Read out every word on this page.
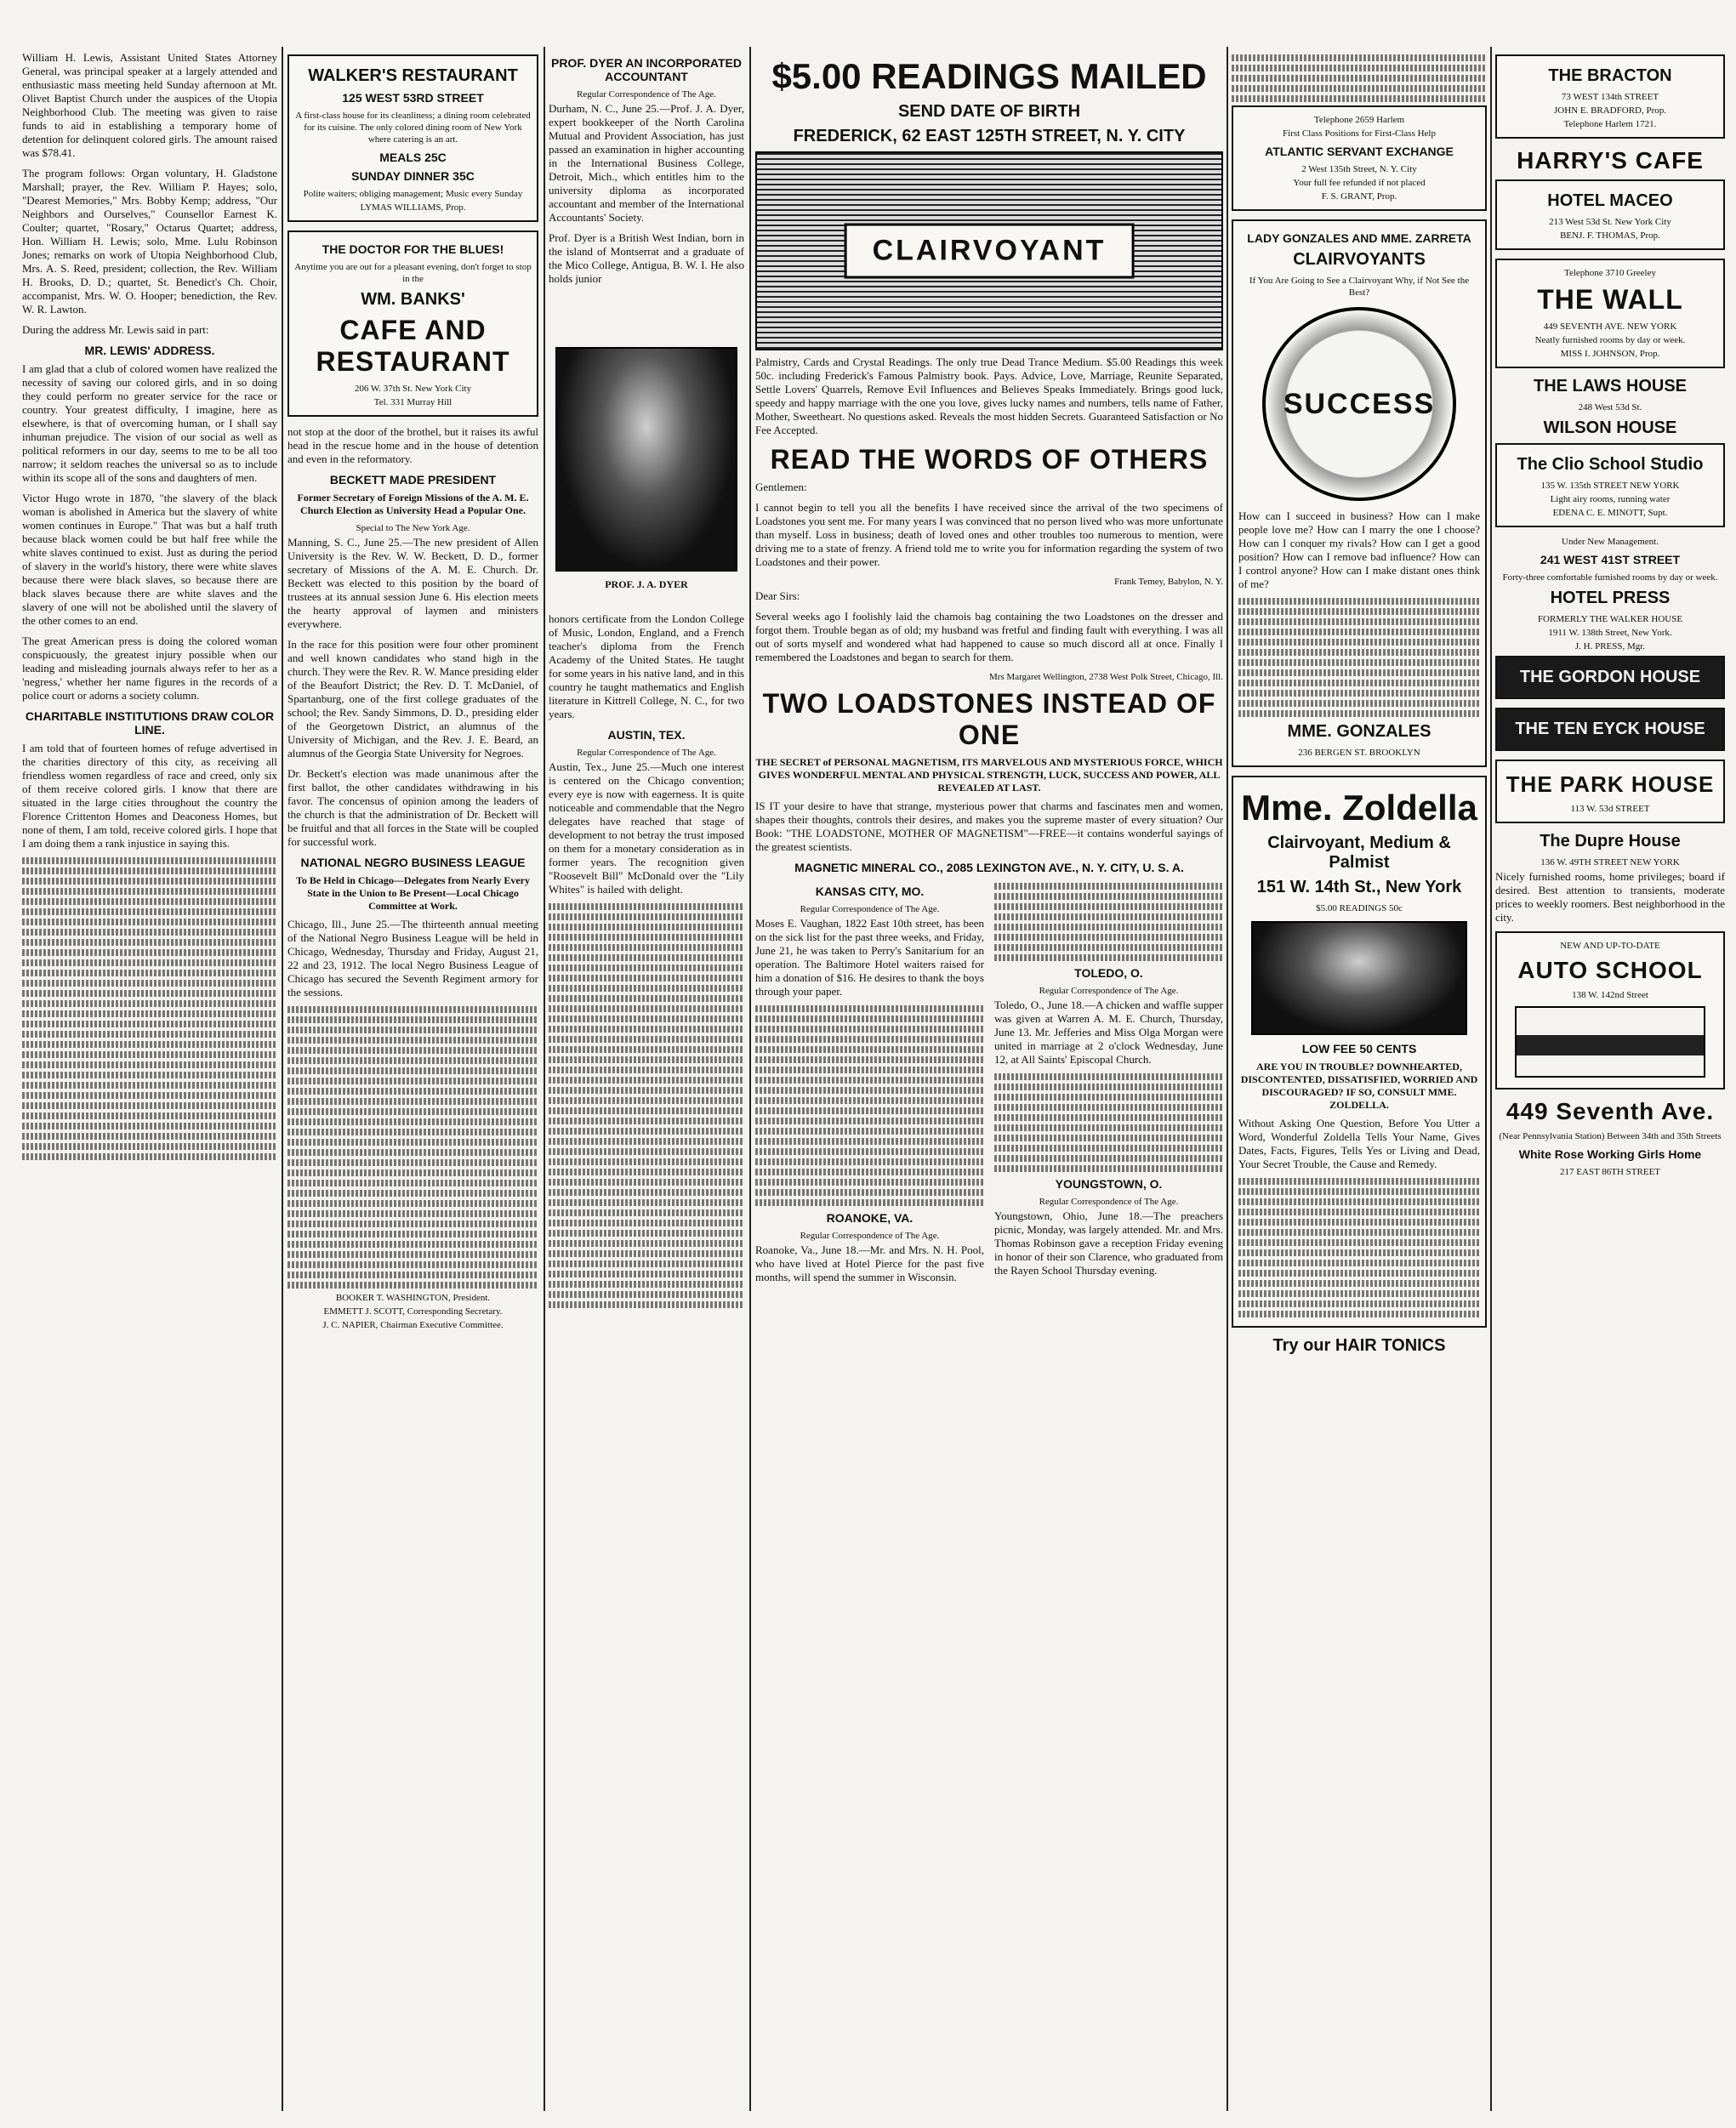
William H. Lewis, Assistant United States Attorney General, was principal speaker at a largely attended and enthusiastic mass meeting held Sunday afternoon at Mt. Olivet Baptist Church under the auspices of the Utopia Neighborhood Club. The meeting was given to raise funds to aid in establishing a temporary home of detention for delinquent colored girls. The amount raised was $78.41.

The program follows: Organ voluntary, H. Gladstone Marshall; prayer, the Rev. William P. Hayes; solo, "Dearest Memories," Mrs. Bobby Kemp; address, "Our Neighbors and Ourselves," Counsellor Earnest K. Coulter; quartet, "Rosary," Octarus Quartet; address, Hon. William H. Lewis; solo, Mme. Lulu Robinson Jones; remarks on work of Utopia Neighborhood Club, Mrs. A. S. Reed, president; collection, the Rev. William H. Brooks, D. D.; quartet, St. Benedict's Ch. Choir, accompanist, Mrs. W. O. Hooper; benediction, the Rev. W. R. Lawton.

During the address Mr. Lewis said in part:

MR. LEWIS' ADDRESS.

I am glad that a club of colored women have realized the necessity of saving our colored girls, and in so doing they could perform no greater service for the race or country. Your greatest difficulty, I imagine, here as elsewhere, is that of overcoming human, or I shall say inhuman prejudice. The vision of our social as well as political reformers in our day, seems to me to be all too narrow; it seldom reaches the universal so as to include within its scope all of the sons and daughters of men.

Victor Hugo wrote in 1870, "the slavery of the black woman is abolished in America but the slavery of white women continues in Europe." That was but a half truth because black women could be but half free while the white slaves continued to exist. Just as during the period of slavery in the world's history, there were white slaves because there were black slaves, so because there are black slaves because there are white slaves and the slavery of one will not be abolished until the slavery of the other comes to an end.

The great American press is doing the colored woman conspicuously, the greatest injury possible when our leading and misleading journals always refer to her as a 'negress,' whether her name figures in the records of a police court or adorns a society column.

CHARITABLE INSTITUTIONS DRAW COLOR LINE.

I am told that of fourteen homes of refuge advertised in the charities directory of this city, as receiving all friendless women regardless of race and creed, only six of them receive colored girls. I know that there are situated in the large cities throughout the country the Florence Crittenton Homes and Deaconess Homes, but none of them, I am told, receive colored girls. I hope that I am doing them a rank injustice in saying this.

WALKER'S RESTAURANT
125 WEST 53RD STREET
A first-class house for its cleanliness; a dining room celebrated for its cuisine. The only colored dining room of New York where catering is an art.
MEALS 25C
SUNDAY DINNER 35C
Polite waiters; obliging management; Music every Sunday
LYMAS WILLIAMS, Prop.
THE DOCTOR FOR THE BLUES!
Anytime you are out for a pleasant evening, don't forget to stop in the
WM. BANKS'
CAFE AND RESTAURANT
206 W. 37th St. New York City
Tel. 331 Murray Hill

not stop at the door of the brothel, but it raises its awful head in the rescue home and in the house of detention and even in the reformatory.

BECKETT MADE PRESIDENT
Former Secretary of Foreign Missions of the A. M. E. Church Election as University Head a Popular One.
Special to The New York Age.

Manning, S. C., June 25.—The new president of Allen University is the Rev. W. W. Beckett, D. D., former secretary of Missions of the A. M. E. Church. Dr. Beckett was elected to this position by the board of trustees at its annual session June 6. His election meets the hearty approval of laymen and ministers everywhere.

In the race for this position were four other prominent and well known candidates who stand high in the church. They were the Rev. R. W. Mance presiding elder of the Beaufort District; the Rev. D. T. McDaniel, of Spartanburg, one of the first college graduates of the school; the Rev. Sandy Simmons, D. D., presiding elder of the Georgetown District, an alumnus of the University of Michigan, and the Rev. J. E. Beard, an alumnus of the Georgia State University for Negroes.

Dr. Beckett's election was made unanimous after the first ballot, the other candidates withdrawing in his favor. The concensus of opinion among the leaders of the church is that the administration of Dr. Beckett will be fruitful and that all forces in the State will be coupled for successful work.

NATIONAL NEGRO BUSINESS LEAGUE
To Be Held in Chicago—Delegates from Nearly Every State in the Union to Be Present—Local Chicago Committee at Work.

Chicago, Ill., June 25.—The thirteenth annual meeting of the National Negro Business League will be held in Chicago, Wednesday, Thursday and Friday, August 21, 22 and 23, 1912. The local Negro Business League of Chicago has secured the Seventh Regiment armory for the sessions.

BOOKER T. WASHINGTON, President.
EMMETT J. SCOTT, Corresponding Secretary.
J. C. NAPIER, Chairman Executive Committee.
PROF. DYER AN INCORPORATED ACCOUNTANT
Regular Correspondence of The Age.

Durham, N. C., June 25.—Prof. J. A. Dyer, expert bookkeeper of the North Carolina Mutual and Provident Association, has just passed an examination in higher accounting in the International Business College, Detroit, Mich., which entitles him to the university diploma as incorporated accountant and member of the International Accountants' Society.

Prof. Dyer is a British West Indian, born in the island of Montserrat and a graduate of the Mico College, Antigua, B. W. I. He also holds junior

PROF. J. A. DYER

honors certificate from the London College of Music, London, England, and a French teacher's diploma from the French Academy of the United States. He taught for some years in his native land, and in this country he taught mathematics and English literature in Kittrell College, N. C., for two years.

AUSTIN, TEX.
Regular Correspondence of The Age.

Austin, Tex., June 25.—Much one interest is centered on the Chicago convention; every eye is now with eagerness. It is quite noticeable and commendable that the Negro delegates have reached that stage of development to not betray the trust imposed on them for a monetary consideration as in former years. The recognition given "Roosevelt Bill" McDonald over the "Lily Whites" is hailed with delight.

$5.00 READINGS MAILED
SEND DATE OF BIRTH
FREDERICK, 62 EAST 125TH STREET, N. Y. CITY
CLAIRVOYANT

Palmistry, Cards and Crystal Readings. The only true Dead Trance Medium. $5.00 Readings this week 50c. including Frederick's Famous Palmistry book. Pays. Advice, Love, Marriage, Reunite Separated, Settle Lovers' Quarrels, Remove Evil Influences and Believes Speaks Immediately. Brings good luck, speedy and happy marriage with the one you love, gives lucky names and numbers, tells name of Father, Mother, Sweetheart. No questions asked. Reveals the most hidden Secrets. Guaranteed Satisfaction or No Fee Accepted.

READ THE WORDS OF OTHERS

Gentlemen:

I cannot begin to tell you all the benefits I have received since the arrival of the two specimens of Loadstones you sent me. For many years I was convinced that no person lived who was more unfortunate than myself. Loss in business; death of loved ones and other troubles too numerous to mention, were driving me to a state of frenzy. A friend told me to write you for information regarding the system of two Loadstones and their power.

Frank Temey, Babylon, N. Y.

Dear Sirs:

Several weeks ago I foolishly laid the chamois bag containing the two Loadstones on the dresser and forgot them. Trouble began as of old; my husband was fretful and finding fault with everything. I was all out of sorts myself and wondered what had happened to cause so much discord all at once. Finally I remembered the Loadstones and began to search for them.

Mrs Margaret Wellington, 2738 West Polk Street, Chicago, Ill.
TWO LOADSTONES INSTEAD OF ONE
THE SECRET of PERSONAL MAGNETISM, ITS MARVELOUS AND MYSTERIOUS FORCE, WHICH GIVES WONDERFUL MENTAL AND PHYSICAL STRENGTH, LUCK, SUCCESS AND POWER, ALL REVEALED AT LAST.

IS IT your desire to have that strange, mysterious power that charms and fascinates men and women, shapes their thoughts, controls their desires, and makes you the supreme master of every situation? Our Book: "THE LOADSTONE, MOTHER OF MAGNETISM"—FREE—it contains wonderful sayings of the greatest scientists.

MAGNETIC MINERAL CO., 2085 LEXINGTON AVE., N. Y. CITY, U. S. A.
KANSAS CITY, MO.
Regular Correspondence of The Age.

Moses E. Vaughan, 1822 East 10th street, has been on the sick list for the past three weeks, and Friday, June 21, he was taken to Perry's Sanitarium for an operation. The Baltimore Hotel waiters raised for him a donation of $16. He desires to thank the boys through your paper.

ROANOKE, VA.
Regular Correspondence of The Age.

Roanoke, Va., June 18.—Mr. and Mrs. N. H. Pool, who have lived at Hotel Pierce for the past five months, will spend the summer in Wisconsin.

TOLEDO, O.
Regular Correspondence of The Age.

Toledo, O., June 18.—A chicken and waffle supper was given at Warren A. M. E. Church, Thursday, June 13. Mr. Jefferies and Miss Olga Morgan were united in marriage at 2 o'clock Wednesday, June 12, at All Saints' Episcopal Church.

YOUNGSTOWN, O.
Regular Correspondence of The Age.

Youngstown, Ohio, June 18.—The preachers picnic, Monday, was largely attended. Mr. and Mrs. Thomas Robinson gave a reception Friday evening in honor of their son Clarence, who graduated from the Rayen School Thursday evening.

Telephone 2659 Harlem
First Class Positions for First-Class Help
ATLANTIC SERVANT EXCHANGE
2 West 135th Street, N. Y. City
Your full fee refunded if not placed
F. S. GRANT, Prop.
LADY GONZALES AND MME. ZARRETA
CLAIRVOYANTS
If You Are Going to See a Clairvoyant Why, if Not See the Best?
SUCCESS

How can I succeed in business? How can I make people love me? How can I marry the one I choose? How can I conquer my rivals? How can I get a good position? How can I remove bad influence? How can I control anyone? How can I make distant ones think of me?

MME. GONZALES
236 BERGEN ST. BROOKLYN
Mme. Zoldella
Clairvoyant, Medium & Palmist
151 W. 14th St., New York
$5.00 READINGS 50c
LOW FEE 50 CENTS
ARE YOU IN TROUBLE? DOWNHEARTED, DISCONTENTED, DISSATISFIED, WORRIED AND DISCOURAGED? IF SO, CONSULT MME. ZOLDELLA.

Without Asking One Question, Before You Utter a Word, Wonderful Zoldella Tells Your Name, Gives Dates, Facts, Figures, Tells Yes or Living and Dead, Your Secret Trouble, the Cause and Remedy.

Try our HAIR TONICS
THE BRACTON
73 WEST 134th STREET
JOHN E. BRADFORD, Prop.
Telephone Harlem 1721.
HARRY'S CAFE
HOTEL MACEO
213 West 53d St. New York City
BENJ. F. THOMAS, Prop.
Telephone 3710 Greeley
THE WALL
449 SEVENTH AVE. NEW YORK
Neatly furnished rooms by day or week.
MISS I. JOHNSON, Prop.
THE LAWS HOUSE
248 West 53d St.
WILSON HOUSE
The Clio School Studio
135 W. 135th STREET NEW YORK
Light airy rooms, running water
EDENA C. E. MINOTT, Supt.
Under New Management.
241 WEST 41ST STREET
Forty-three comfortable furnished rooms by day or week.
HOTEL PRESS
FORMERLY THE WALKER HOUSE
1911 W. 138th Street, New York.
J. H. PRESS, Mgr.
THE GORDON HOUSE
THE TEN EYCK HOUSE
THE PARK HOUSE
113 W. 53d STREET
The Dupre House
136 W. 49TH STREET NEW YORK

Nicely furnished rooms, home privileges; board if desired. Best attention to transients, moderate prices to weekly roomers. Best neighborhood in the city.

NEW AND UP-TO-DATE
AUTO SCHOOL
138 W. 142nd Street
449 Seventh Ave.
(Near Pennsylvania Station) Between 34th and 35th Streets
White Rose Working Girls Home
217 EAST 86TH STREET
